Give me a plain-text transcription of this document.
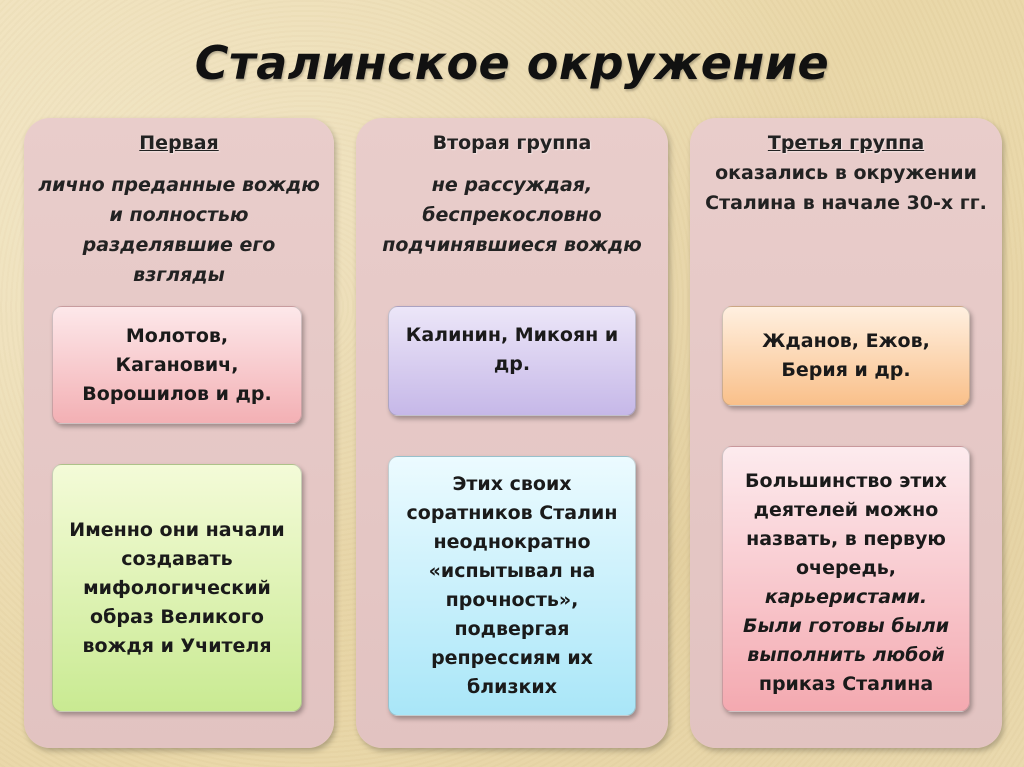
Сталинское окружение
Первая
лично преданные вождю и полностью разделявшие его взгляды
Молотов, Каганович, Ворошилов и др.
Именно они начали создавать мифологический образ Великого вождя и Учителя
Вторая группа
не рассуждая, беспрекословно подчинявшиеся вождю
Калинин, Микоян и др.
Этих своих соратников Сталин неоднократно «испытывал на прочность», подвергая репрессиям их близких
Третья группа
оказались в окружении Сталина в начале 30-х гг.
Жданов, Ежов, Берия и др.
Большинство этих деятелей можно назвать, в первую очередь, карьеристами. Были готовы были выполнить любой приказ Сталина
